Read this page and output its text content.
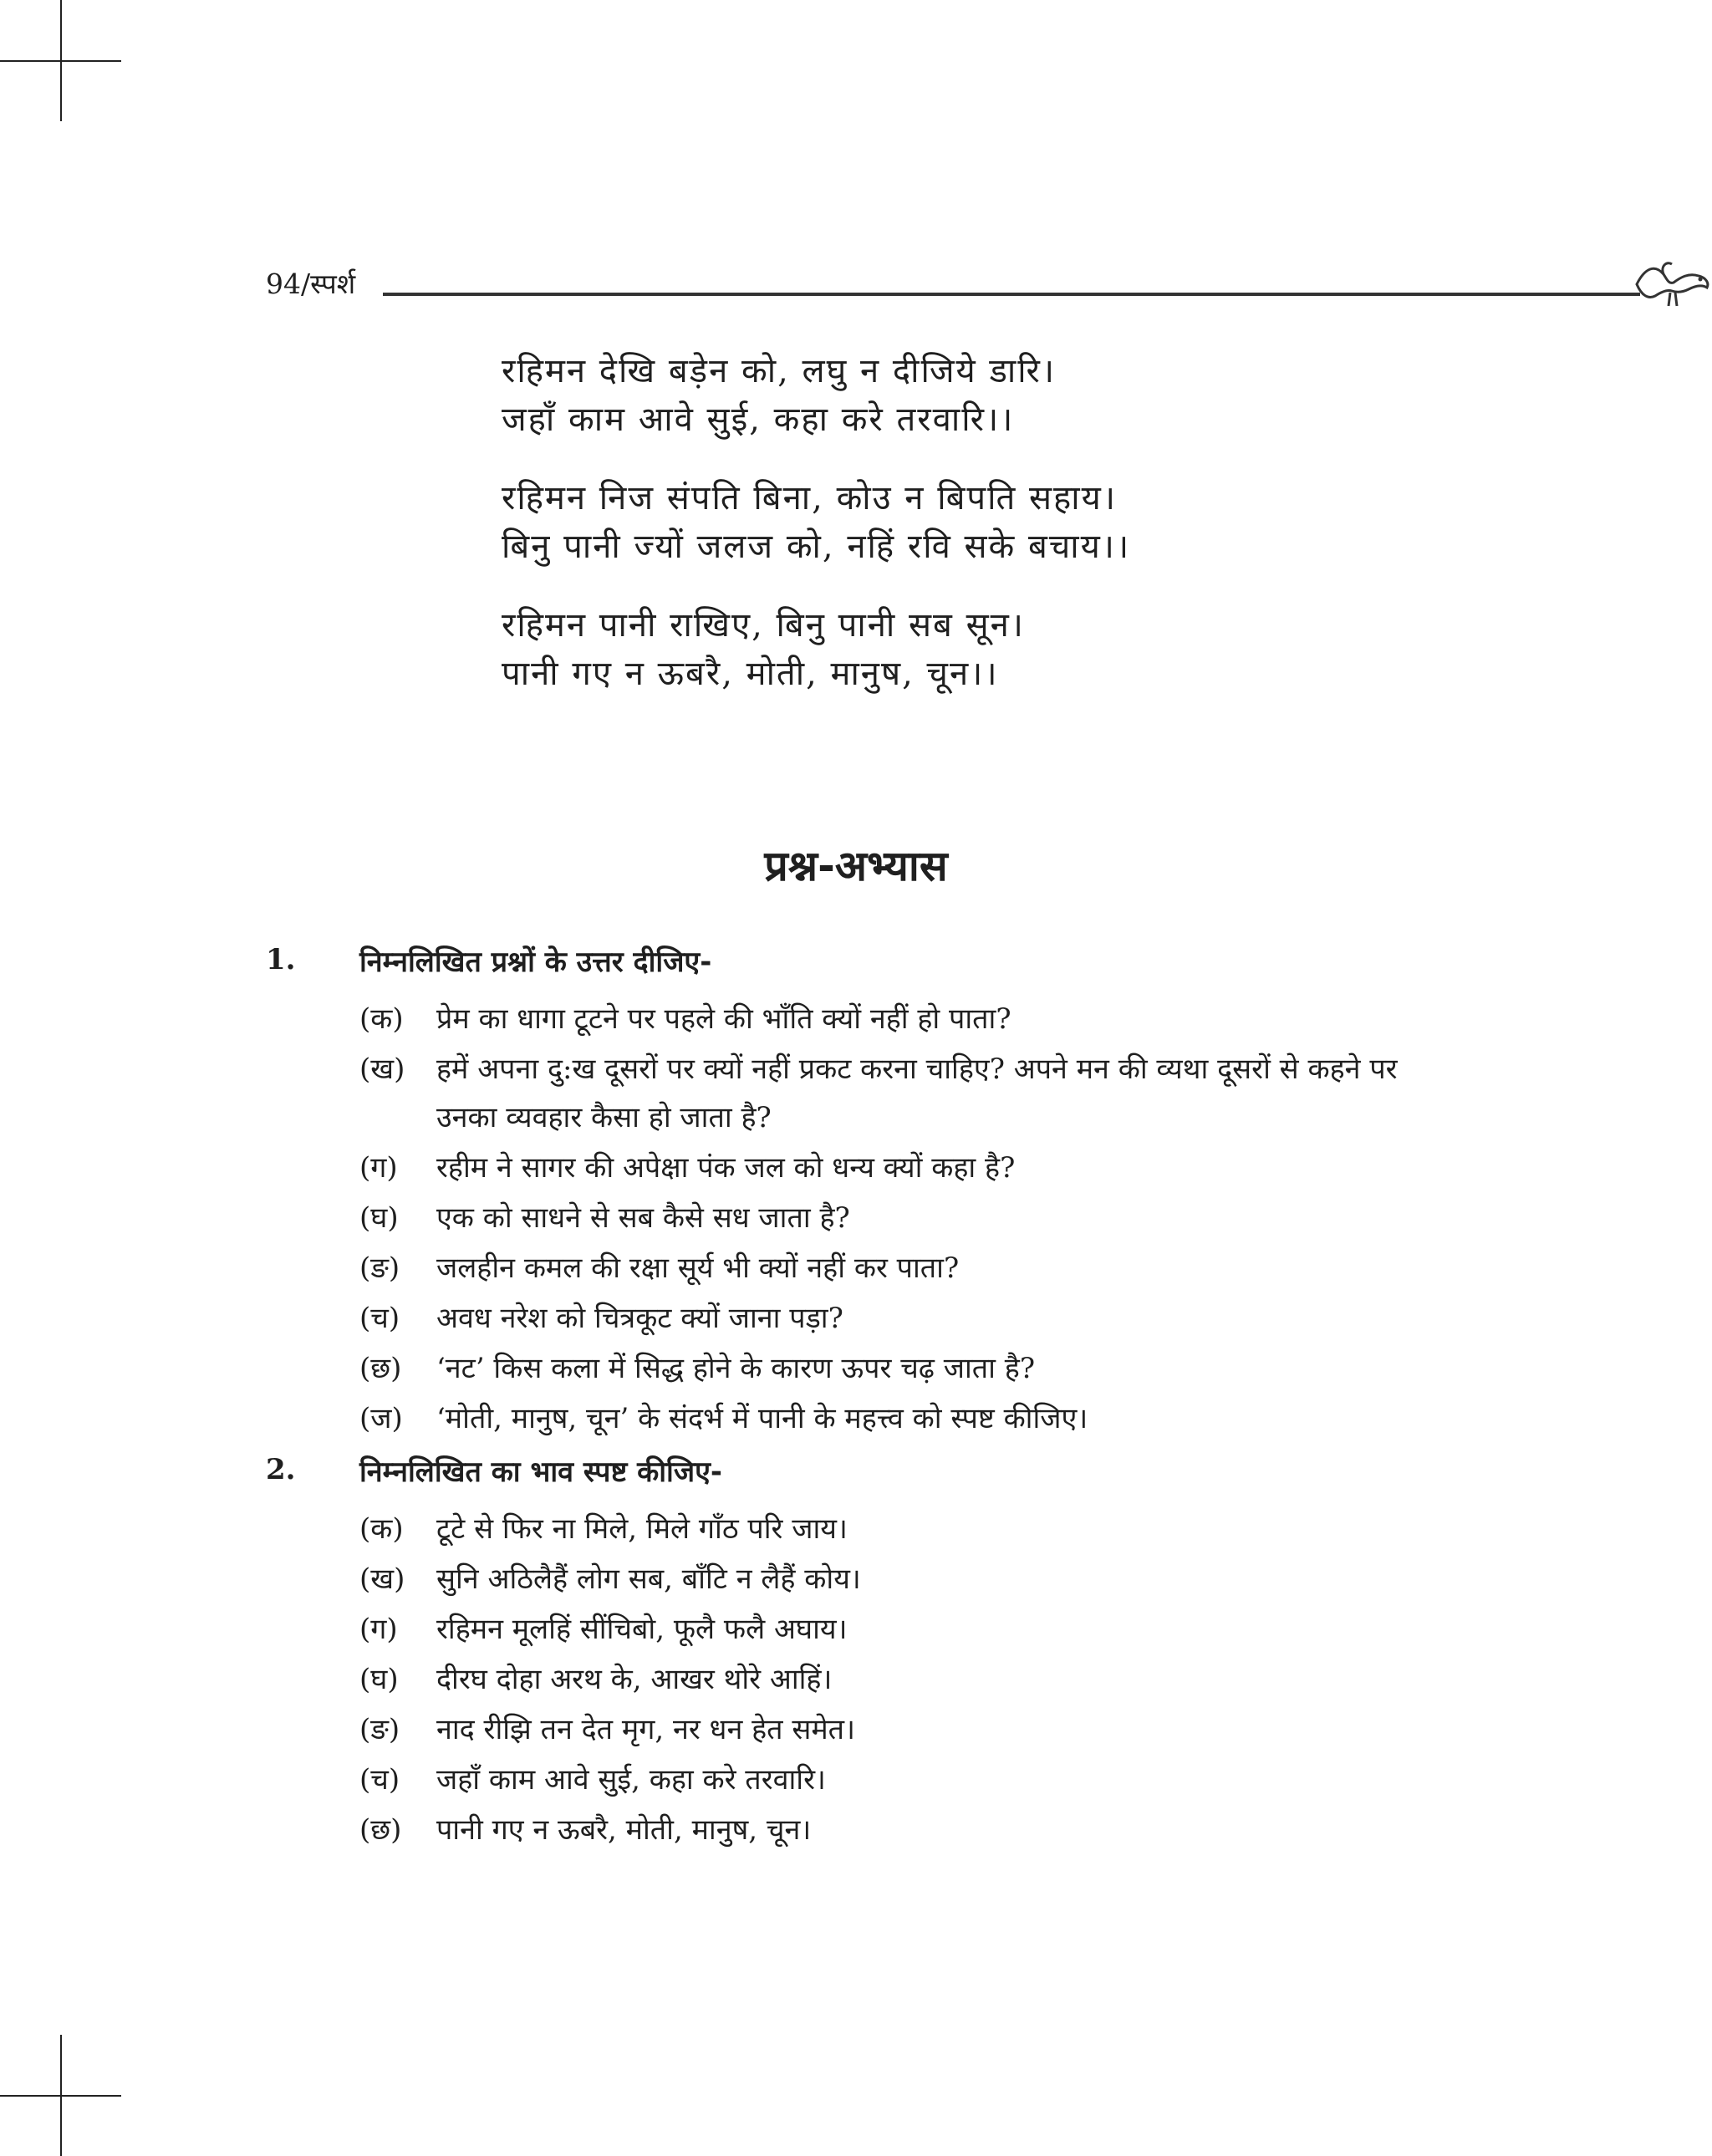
94/स्पर्श
रहिमन देखि बड़ेन को, लघु न दीजिये डारि।
जहाँ काम आवे सुई, कहा करे तरवारि।।
रहिमन निज संपति बिना, कोउ न बिपति सहाय।
बिनु पानी ज्यों जलज को, नहिं रवि सके बचाय।।
रहिमन पानी राखिए, बिनु पानी सब सून।
पानी गए न ऊबरै, मोती, मानुष, चून।।
प्रश्न-अभ्यास
1. निम्नलिखित प्रश्नों के उत्तर दीजिए-
(क)	प्रेम का धागा टूटने पर पहले की भाँति क्यों नहीं हो पाता?
(ख)	हमें अपना दु:ख दूसरों पर क्यों नहीं प्रकट करना चाहिए? अपने मन की व्यथा दूसरों से कहने पर उनका व्यवहार कैसा हो जाता है?
(ग)	रहीम ने सागर की अपेक्षा पंक जल को धन्य क्यों कहा है?
(घ)	एक को साधने से सब कैसे सध जाता है?
(ङ)	जलहीन कमल की रक्षा सूर्य भी क्यों नहीं कर पाता?
(च)	अवध नरेश को चित्रकूट क्यों जाना पड़ा?
(छ)	‘नट’ किस कला में सिद्ध होने के कारण ऊपर चढ़ जाता है?
(ज)	‘मोती, मानुष, चून’ के संदर्भ में पानी के महत्त्व को स्पष्ट कीजिए।
2. निम्नलिखित का भाव स्पष्ट कीजिए-
(क)	टूटे से फिर ना मिले, मिले गाँठ परि जाय।
(ख)	सुनि अठिलैहैं लोग सब, बाँटि न लैहैं कोय।
(ग)	रहिमन मूलहिं सींचिबो, फूलै फलै अघाय।
(घ)	दीरघ दोहा अरथ के, आखर थोरे आहिं।
(ङ)	नाद रीझि तन देत मृग, नर धन हेत समेत।
(च)	जहाँ काम आवे सुई, कहा करे तरवारि।
(छ)	पानी गए न ऊबरै, मोती, मानुष, चून।
